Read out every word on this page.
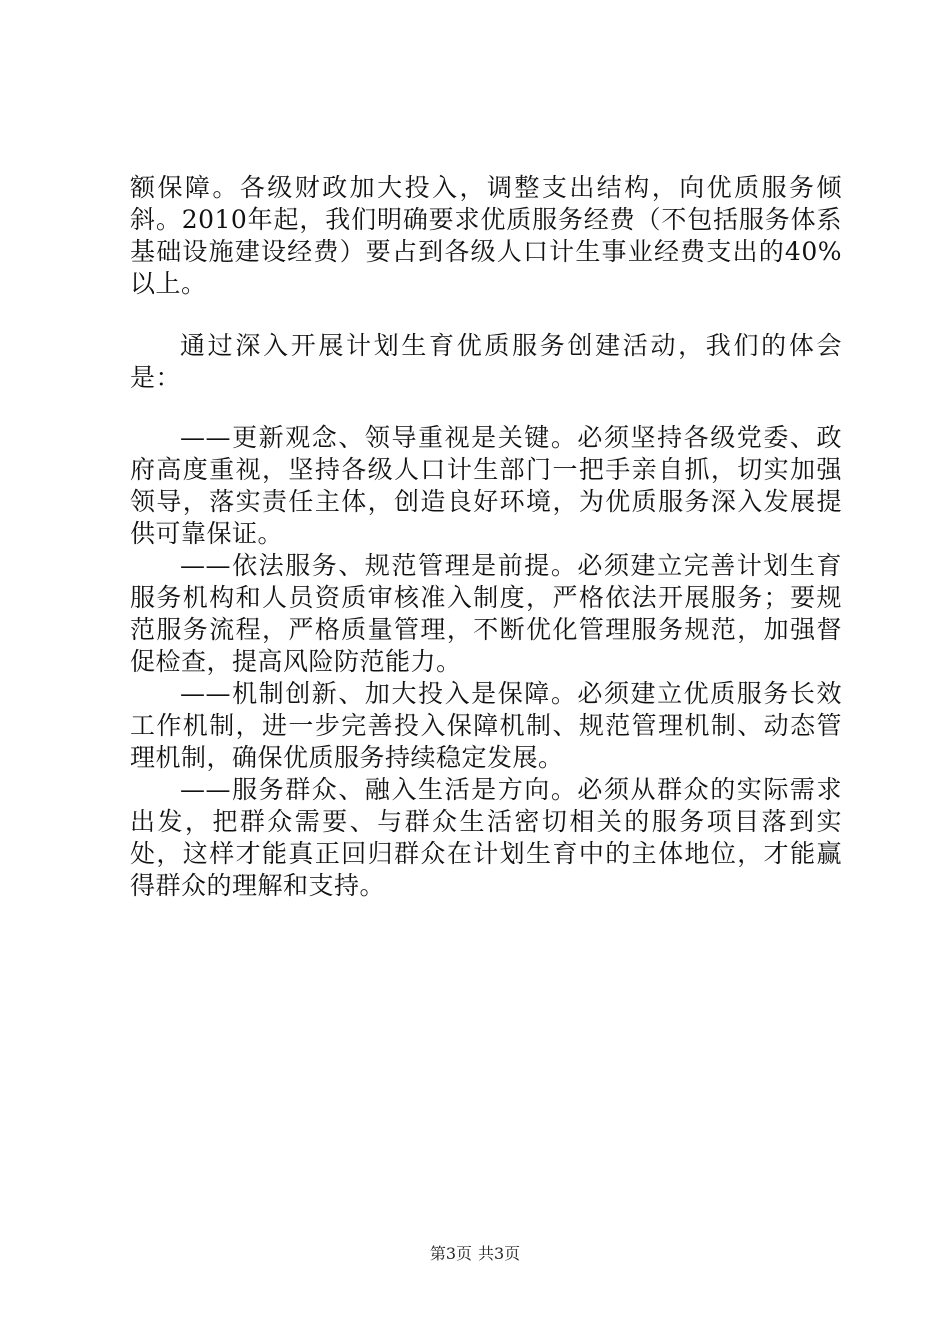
额保障。各级财政加大投入，调整支出结构，向优质服务倾斜。2010年起，我们明确要求优质服务经费（不包括服务体系基础设施建设经费）要占到各级人口计生事业经费支出的40%以上。

通过深入开展计划生育优质服务创建活动，我们的体会是：

——更新观念、领导重视是关键。必须坚持各级党委、政府高度重视，坚持各级人口计生部门一把手亲自抓，切实加强领导，落实责任主体，创造良好环境，为优质服务深入发展提供可靠保证。

——依法服务、规范管理是前提。必须建立完善计划生育服务机构和人员资质审核准入制度，严格依法开展服务；要规范服务流程，严格质量管理，不断优化管理服务规范，加强督促检查，提高风险防范能力。

——机制创新、加大投入是保障。必须建立优质服务长效工作机制，进一步完善投入保障机制、规范管理机制、动态管理机制，确保优质服务持续稳定发展。

——服务群众、融入生活是方向。必须从群众的实际需求出发，把群众需要、与群众生活密切相关的服务项目落到实处，这样才能真正回归群众在计划生育中的主体地位，才能赢得群众的理解和支持。

第3页 共3页
